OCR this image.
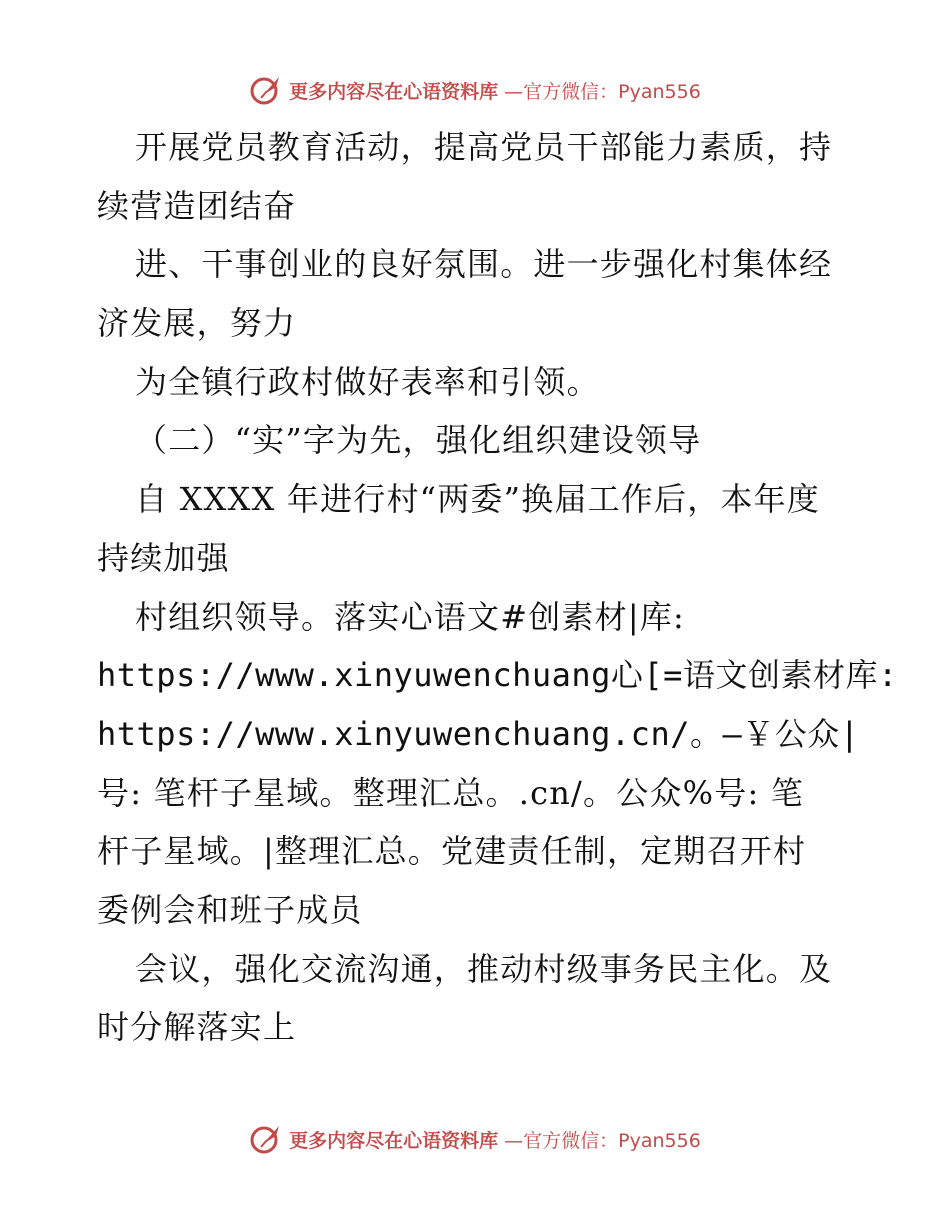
更多内容尽在心语资料库 —官方微信：Pyan556
开展党员教育活动，提高党员干部能力素质，持
续营造团结奋
进、干事创业的良好氛围。进一步强化村集体经
济发展，努力
为全镇行政村做好表率和引领。
（二）“实”字为先，强化组织建设领导
自 XXXX 年进行村“两委”换届工作后，本年度
持续加强
村组织领导。落实心语文#创素材|库:
https://www.xinyuwenchuang心[=语文创素材库:
https://www.xinyuwenchuang.cn/。—￥公众|
号: 笔杆子星域。整理汇总。.cn/。公众%号: 笔
杆子星域。|整理汇总。党建责任制，定期召开村
委例会和班子成员
会议，强化交流沟通，推动村级事务民主化。及
时分解落实上
更多内容尽在心语资料库 —官方微信：Pyan556
